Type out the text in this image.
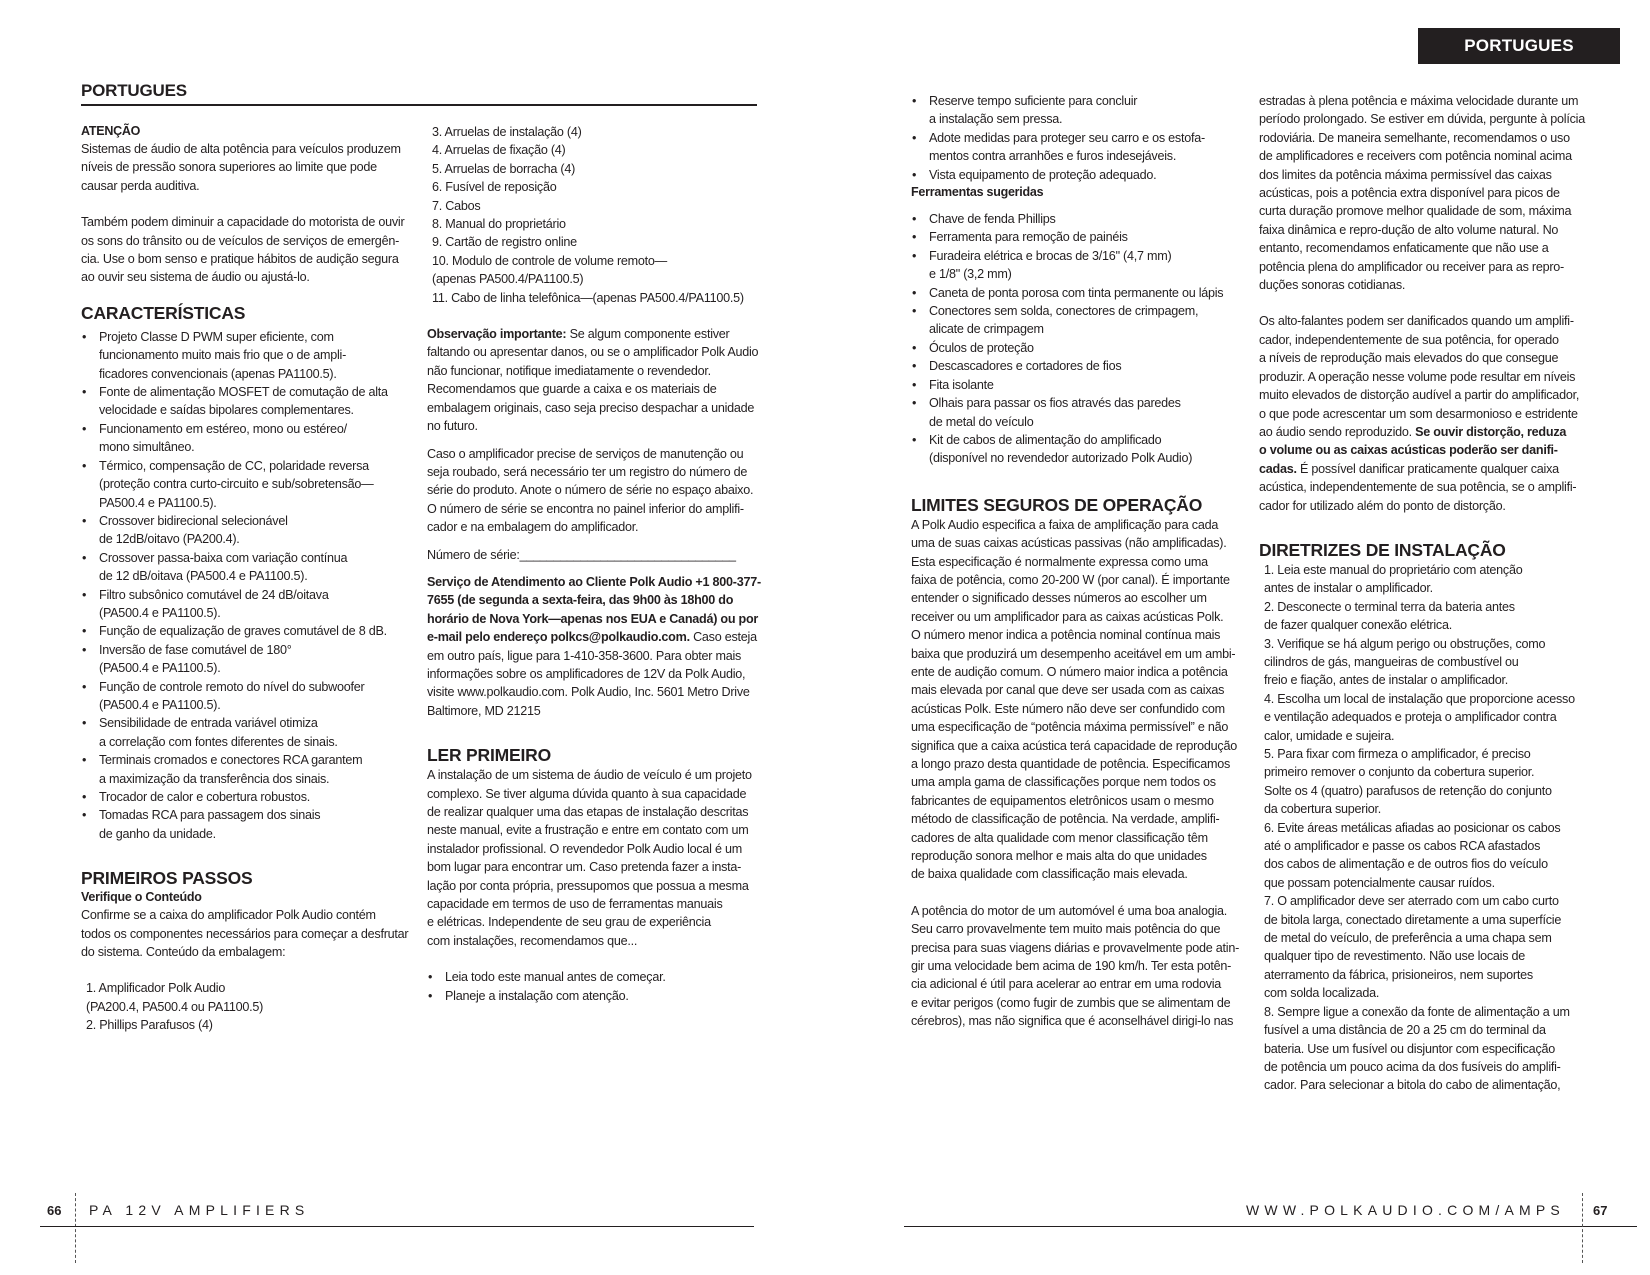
PORTUGUES
ATENÇÃO

Sistemas de áudio de alta potência para veículos produzem
níveis de pressão sonora superiores ao limite que pode
causar perda auditiva.

Também podem diminuir a capacidade do motorista de ouvir
os sons do trânsito ou de veículos de serviços de emergên-
cia. Use o bom senso e pratique hábitos de audição segura
ao ouvir seu sistema de áudio ou ajustá-lo.

CARACTERÍSTICAS

• Projeto Classe D PWM super eficiente, com
funcionamento muito mais frio que o de ampli-
ficadores convencionais (apenas PA1100.5).

• Fonte de alimentação MOSFET de comutação de alta
velocidade e saídas bipolares complementares.

• Funcionamento em estéreo, mono ou estéreo/
mono simultâneo.

• Térmico, compensação de CC, polaridade reversa
(proteção contra curto-circuito e sub/sobretensão—
PA500.4 e PA1100.5).

• Crossover bidirecional selecionável
de 12dB/oitavo (PA200.4).

• Crossover passa-baixa com variação contínua
de 12 dB/oitava (PA500.4 e PA1100.5).

• Filtro subsônico comutável de 24 dB/oitava
(PA500.4 e PA1100.5).

• Função de equalização de graves comutável de 8 dB.

• Inversão de fase comutável de 180°
(PA500.4 e PA1100.5).

• Função de controle remoto do nível do subwoofer
(PA500.4 e PA1100.5).

• Sensibilidade de entrada variável otimiza
a correlação com fontes diferentes de sinais.

• Terminais cromados e conectores RCA garantem
a maximização da transferência dos sinais.

• Trocador de calor e cobertura robustos.

• Tomadas RCA para passagem dos sinais
de ganho da unidade.

PRIMEIROS PASSOS
Verifique o Conteúdo

Confirme se a caixa do amplificador Polk Audio contém
todos os componentes necessários para começar a desfrutar
do sistema. Conteúdo da embalagem:

1. Amplificador Polk Audio
(PA200.4, PA500.4 ou PA1100.5)

2. Phillips Parafusos (4)

3. Arruelas de instalação (4)

4. Arruelas de fixação (4)

5. Arruelas de borracha (4)

6. Fusível de reposição

7. Cabos

8. Manual do proprietário

9. Cartão de registro online

10. Modulo de controle de volume remoto—
(apenas PA500.4/PA1100.5)

11. Cabo de linha telefônica—(apenas PA500.4/PA1100.5)

Observação importante: Se algum componente estiver faltando ou apresentar danos, ou se o amplificador Polk Audio não funcionar, notifique imediatamente o revendedor. Recomendamos que guarde a caixa e os materiais de embalagem originais, caso seja preciso despachar a unidade no futuro.

Caso o amplificador precise de serviços de manutenção ou
seja roubado, será necessário ter um registro do número de
série do produto. Anote o número de série no espaço abaixo.
O número de série se encontra no painel inferior do amplifi-
cador e na embalagem do amplificador.

Número de série:________________________________

Serviço de Atendimento ao Cliente Polk Audio +1 800-377-7655 (de segunda a sexta-feira, das 9h00 às 18h00 do horário de Nova York—apenas nos EUA e Canadá) ou por e-mail pelo endereço polkcs@polkaudio.com. Caso esteja em outro país, ligue para 1-410-358-3600. Para obter mais informações sobre os amplificadores de 12V da Polk Audio, visite www.polkaudio.com. Polk Audio, Inc. 5601 Metro Drive Baltimore, MD 21215

LER PRIMEIRO

A instalação de um sistema de áudio de veículo é um projeto
complexo. Se tiver alguma dúvida quanto à sua capacidade
de realizar qualquer uma das etapas de instalação descritas
neste manual, evite a frustração e entre em contato com um
instalador profissional. O revendedor Polk Audio local é um
bom lugar para encontrar um. Caso pretenda fazer a insta-
lação por conta própria, pressupomos que possua a mesma
capacidade em termos de uso de ferramentas manuais
e elétricas. Independente de seu grau de experiência
com instalações, recomendamos que...

• Leia todo este manual antes de começar.

• Planeje a instalação com atenção.

66 PA 12V AMPLIFIERS
PORTUGUES

• Reserve tempo suficiente para concluir
a instalação sem pressa.

• Adote medidas para proteger seu carro e os estofa-
mentos contra arranhões e furos indesejáveis.

• Vista equipamento de proteção adequado.

Ferramentas sugeridas

• Chave de fenda Phillips

• Ferramenta para remoção de painéis

• Furadeira elétrica e brocas de 3/16" (4,7 mm)
e 1/8" (3,2 mm)

• Caneta de ponta porosa com tinta permanente ou lápis

• Conectores sem solda, conectores de crimpagem,
alicate de crimpagem

• Óculos de proteção

• Descascadores e cortadores de fios

• Fita isolante

• Olhais para passar os fios através das paredes
de metal do veículo

• Kit de cabos de alimentação do amplificado
(disponível no revendedor autorizado Polk Audio)

LIMITES SEGUROS DE OPERAÇÃO

A Polk Audio especifica a faixa de amplificação para cada
uma de suas caixas acústicas passivas (não amplificadas).
Esta especificação é normalmente expressa como uma
faixa de potência, como 20-200 W (por canal). É importante
entender o significado desses números ao escolher um
receiver ou um amplificador para as caixas acústicas Polk.
O número menor indica a potência nominal contínua mais
baixa que produzirá um desempenho aceitável em um ambi-
ente de audição comum. O número maior indica a potência
mais elevada por canal que deve ser usada com as caixas
acústicas Polk. Este número não deve ser confundido com
uma especificação de “potência máxima permissível” e não
significa que a caixa acústica terá capacidade de reprodução
a longo prazo desta quantidade de potência. Especificamos
uma ampla gama de classificações porque nem todos os
fabricantes de equipamentos eletrônicos usam o mesmo
método de classificação de potência. Na verdade, amplifi-
cadores de alta qualidade com menor classificação têm
reprodução sonora melhor e mais alta do que unidades
de baixa qualidade com classificação mais elevada.

A potência do motor de um automóvel é uma boa analogia.
Seu carro provavelmente tem muito mais potência do que
precisa para suas viagens diárias e provavelmente pode atin-
gir uma velocidade bem acima de 190 km/h. Ter esta potên-
cia adicional é útil para acelerar ao entrar em uma rodovia
e evitar perigos (como fugir de zumbis que se alimentam de
cérebros), mas não significa que é aconselhável dirigi-lo nas

estradas à plena potência e máxima velocidade durante um
período prolongado. Se estiver em dúvida, pergunte à polícia
rodoviária. De maneira semelhante, recomendamos o uso
de amplificadores e receivers com potência nominal acima
dos limites da potência máxima permissível das caixas
acústicas, pois a potência extra disponível para picos de
curta duração promove melhor qualidade de som, máxima
faixa dinâmica e repro-dução de alto volume natural. No
entanto, recomendamos enfaticamente que não use a
potência plena do amplificador ou receiver para as repro-
duções sonoras cotidianas.

Os alto-falantes podem ser danificados quando um amplifi-
cador, independentemente de sua potência, for operado
a níveis de reprodução mais elevados do que consegue
produzir. A operação nesse volume pode resultar em níveis
muito elevados de distorção audível a partir do amplificador,
o que pode acrescentar um som desarmonioso e estridente
ao áudio sendo reproduzido. Se ouvir distorção, reduza
o volume ou as caixas acústicas poderão ser danifi-
cadas. É possível danificar praticamente qualquer caixa
acústica, independentemente de sua potência, se o amplifi-
cador for utilizado além do ponto de distorção.

DIRETRIZES DE INSTALAÇÃO

1. Leia este manual do proprietário com atenção
antes de instalar o amplificador.

2. Desconecte o terminal terra da bateria antes
de fazer qualquer conexão elétrica.

3. Verifique se há algum perigo ou obstruções, como
cilindros de gás, mangueiras de combustível ou
freio e fiação, antes de instalar o amplificador.

4. Escolha um local de instalação que proporcione acesso
e ventilação adequados e proteja o amplificador contra
calor, umidade e sujeira.

5. Para fixar com firmeza o amplificador, é preciso
primeiro remover o conjunto da cobertura superior.
Solte os 4 (quatro) parafusos de retenção do conjunto
da cobertura superior.

6. Evite áreas metálicas afiadas ao posicionar os cabos
até o amplificador e passe os cabos RCA afastados
dos cabos de alimentação e de outros fios do veículo
que possam potencialmente causar ruídos.

7. O amplificador deve ser aterrado com um cabo curto
de bitola larga, conectado diretamente a uma superfície
de metal do veículo, de preferência a uma chapa sem
qualquer tipo de revestimento. Não use locais de
aterramento da fábrica, prisioneiros, nem suportes
com solda localizada.

8. Sempre ligue a conexão da fonte de alimentação a um
fusível a uma distância de 20 a 25 cm do terminal da
bateria. Use um fusível ou disjuntor com especificação
de potência um pouco acima da dos fusíveis do amplifi-
cador. Para selecionar a bitola do cabo de alimentação,

WWW.POLKAUDIO.COM/AMPS 67
